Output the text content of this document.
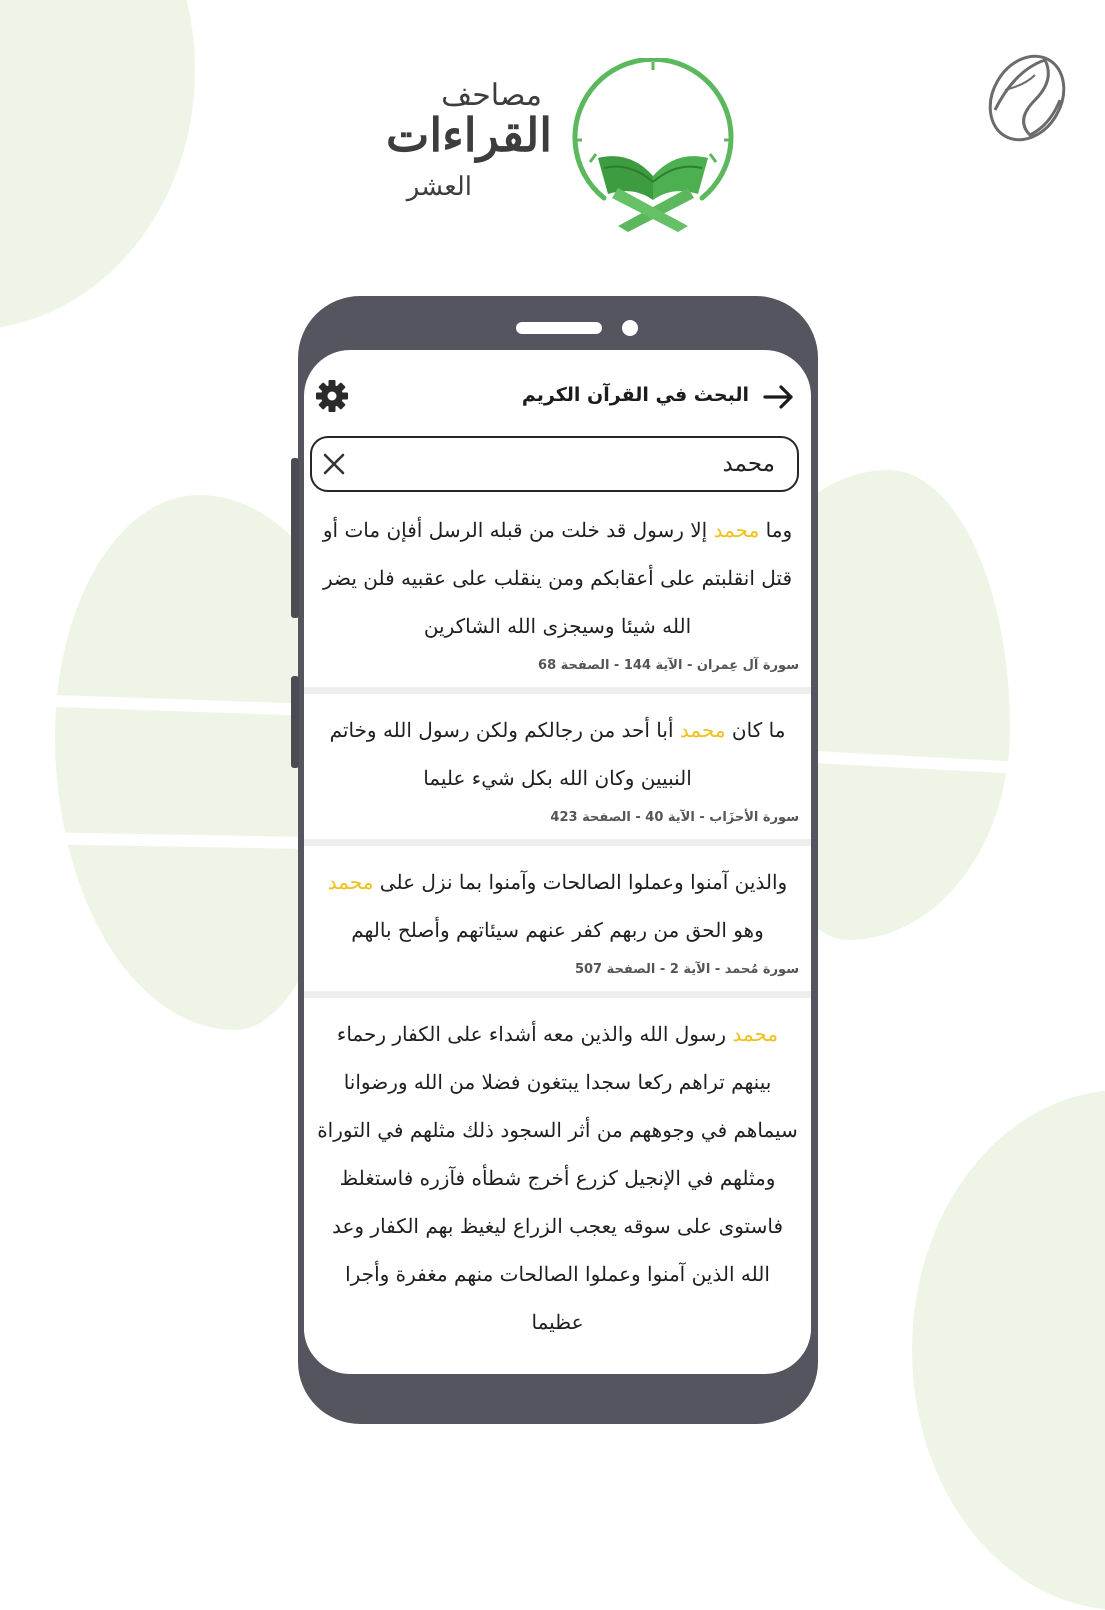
مصاحف
القراءات
العشر
البحث في القرآن الكريم
محمد
وما محمد إلا رسول قد خلت من قبله الرسل أفإن مات أو قتل انقلبتم على أعقابكم ومن ينقلب على عقبيه فلن يضر الله شيئا وسيجزى الله الشاكرين
سورة آل عِمران - الآية 144 - الصفحة 68
ما كان محمد أبا أحد من رجالكم ولكن رسول الله وخاتم النبيين وكان الله بكل شيء عليما
سورة الأحزَاب - الآية 40 - الصفحة 423
والذين آمنوا وعملوا الصالحات وآمنوا بما نزل على محمد وهو الحق من ربهم كفر عنهم سيئاتهم وأصلح بالهم
سورة مُحمد - الآية 2 - الصفحة 507
محمد رسول الله والذين معه أشداء على الكفار رحماء بينهم تراهم ركعا سجدا يبتغون فضلا من الله ورضوانا سيماهم في وجوههم من أثر السجود ذلك مثلهم في التوراة ومثلهم في الإنجيل كزرع أخرج شطأه فآزره فاستغلظ فاستوى على سوقه يعجب الزراع ليغيظ بهم الكفار وعد الله الذين آمنوا وعملوا الصالحات منهم مغفرة وأجرا عظيما
